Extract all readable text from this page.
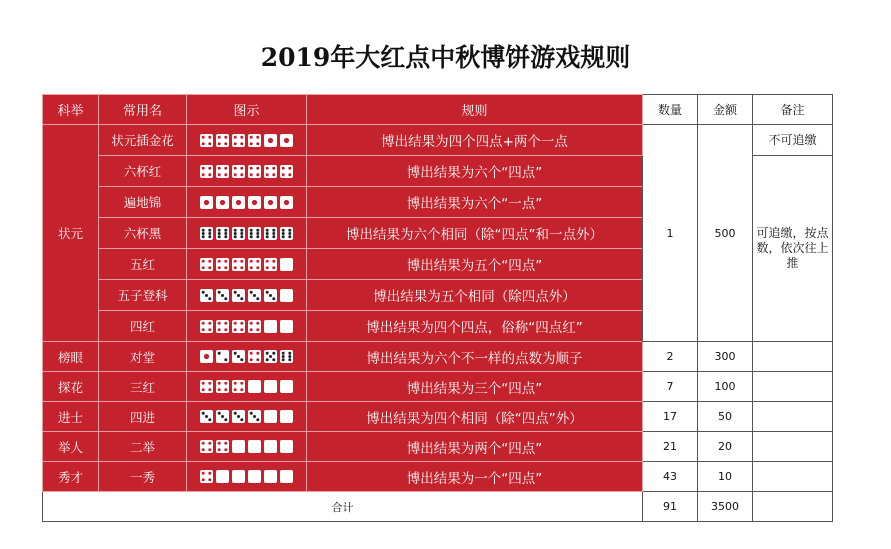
2019年大红点中秋博饼游戏规则
科举	常用名	图示	规则	数量	金额	备注
状元	状元插金花		博出结果为四个四点+两个一点	1	500	不可追缴
	六杯红		博出结果为六个“四点”			可追缴，按点数，依次往上推
	遍地锦		博出结果为六个“一点”			
	六杯黑		博出结果为六个相同（除“四点”和一点外）			
	五红		博出结果为五个“四点”			
	五子登科		博出结果为五个相同（除四点外）			
	四红		博出结果为四个四点，俗称“四点红”			
榜眼	对堂		博出结果为六个不一样的点数为顺子	2	300	
探花	三红		博出结果为三个“四点”	7	100	
进士	四进		博出结果为四个相同（除“四点”外）	17	50	
举人	二举		博出结果为两个“四点”	21	20	
秀才	一秀		博出结果为一个“四点”	43	10	
合计				91	3500	
